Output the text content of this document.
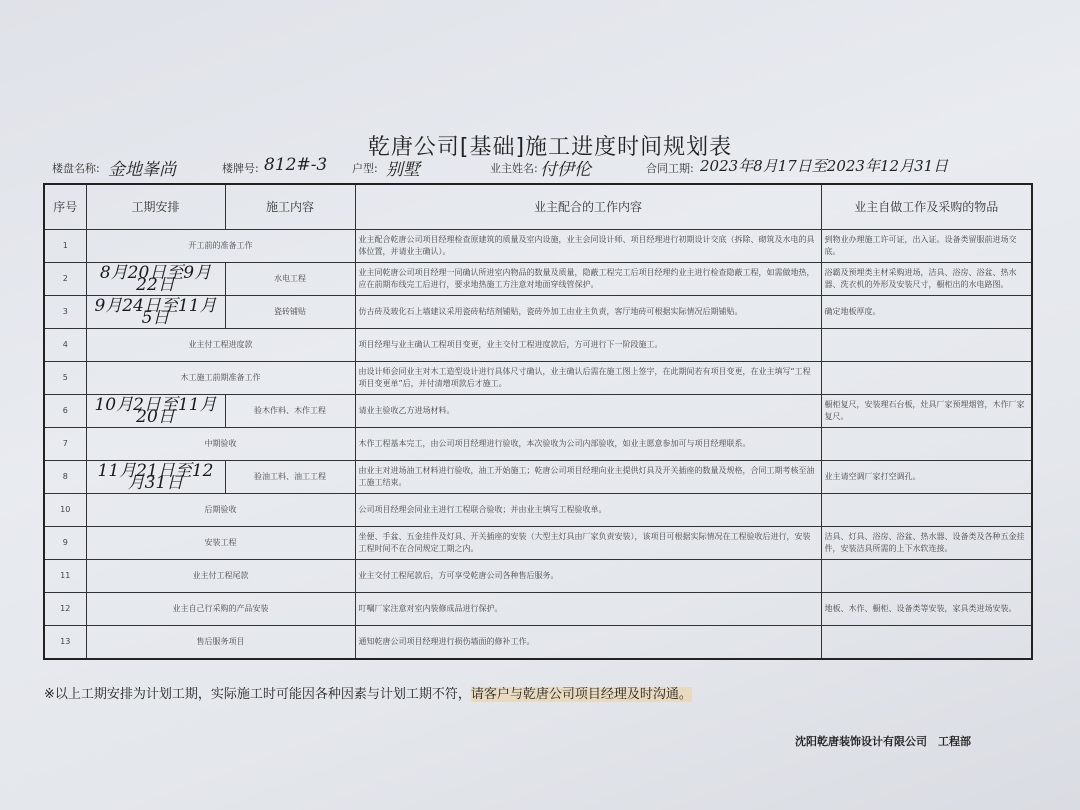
乾唐公司[基础]施工进度时间规划表
楼盘名称: 金地峯尚	楼牌号: 812#-3 户型: 别墅	业主姓名: 付伊伦	合同工期: 2023年8月17日至2023年12月31日
序号	工期安排	施工内容	业主配合的工作内容	业主自做工作及采购的物品
1	开工前的准备工作		业主配合乾唐公司项目经理检查原建筑的质量及室内设施，业主会同设计师、项目经理进行初期设计交底（拆除、砌筑及水电的具体位置，并请业主确认）。	到物业办理施工许可证，出入证。设备类留服前进场交底。
2	8月20日至9月22日	水电工程	业主同乾唐公司项目经理一同确认所进室内物品的数量及质量，隐蔽工程完工后项目经理约业主进行检查隐蔽工程，如需做地热，应在前期布线完工后进行，要求地热施工方注意对地面穿线管保护。	浴霸及预埋类主材采购进场，洁具、浴房、浴盆、热水器、洗衣机的外形及安装尺寸，橱柜出的水电路图。
3	9月24日至11月5日	瓷砖铺贴	仿古砖及玻化石上墙建议采用瓷砖粘结剂铺贴，瓷砖外加工由业主负责，客厅地砖可根据实际情况后期铺贴。	确定地板厚度。
4	业主付工程进度款		项目经理与业主确认工程项目变更，业主交付工程进度款后，方可进行下一阶段施工。	
5	木工施工前期准备工作		由设计师会同业主对木工造型设计进行具体尺寸确认，业主确认后需在施工图上签字，在此期间若有项目变更，在业主填写“工程项目变更单”后，并付清增项款后才施工。	
6	10月2日至11月20日	验木作料、木作工程	请业主验收乙方进场材料。	橱柜复尺，安装理石台板，灶具厂家预埋烟管，木作厂家复尺。
7	中期验收		木作工程基本完工，由公司项目经理进行验收，本次验收为公司内部验收，如业主愿意参加可与项目经理联系。	
8	11月21日至12月31日	验油工料、油工工程	由业主对进场油工材料进行验收，油工开始施工；乾唐公司项目经理向业主提供灯具及开关插座的数量及规格，合同工期考核至油工施工结束。	业主请空调厂家打空调孔。
10	后期验收		公司项目经理会同业主进行工程联合验收；并由业主填写工程验收单。	
9	安装工程		坐便、手盆、五金挂件及灯具、开关插座的安装（大型主灯具由厂家负责安装），该项目可根据实际情况在工程验收后进行，安装工程时间不在合同规定工期之内。	洁具、灯具、浴房、浴盆、热水器、设备类及各种五金挂件，安装洁具所需的上下水软连接。
11	业主付工程尾款		业主交付工程尾款后，方可享受乾唐公司各种售后服务。	
12	业主自己行采购的产品安装		叮嘱厂家注意对室内装修成品进行保护。	地板、木作、橱柜、设备类等安装，家具类进场安装。
13	售后服务项目		通知乾唐公司项目经理进行损伤墙面的修补工作。	
※以上工期安排为计划工期，实际施工时可能因各种因素与计划工期不符，请客户与乾唐公司项目经理及时沟通。
沈阳乾唐装饰设计有限公司　工程部
